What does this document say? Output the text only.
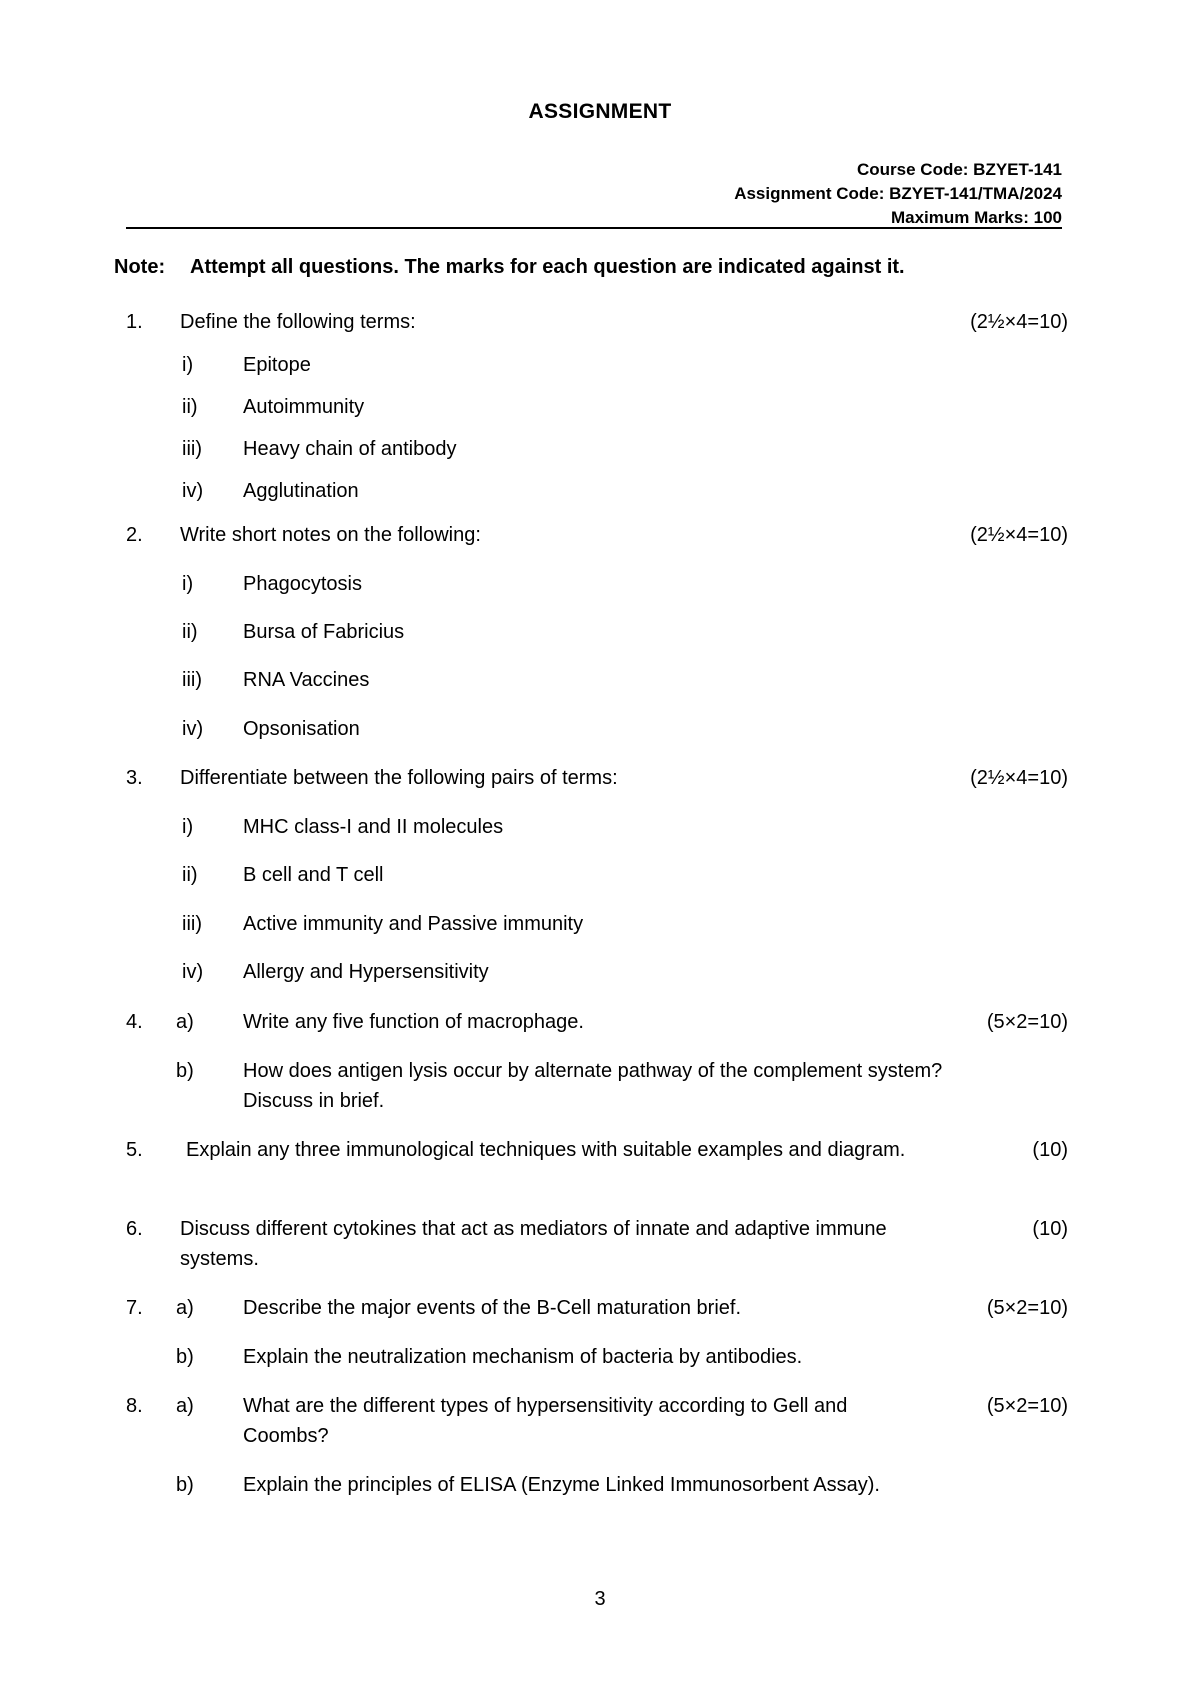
ASSIGNMENT
Course Code: BZYET-141
Assignment Code: BZYET-141/TMA/2024
Maximum Marks: 100
Note: Attempt all questions. The marks for each question are indicated against it.
1. Define the following terms:	(2½×4=10)
i) Epitope
ii) Autoimmunity
iii) Heavy chain of antibody
iv) Agglutination
2. Write short notes on the following:	(2½×4=10)
i) Phagocytosis
ii) Bursa of Fabricius
iii) RNA Vaccines
iv) Opsonisation
3. Differentiate between the following pairs of terms:	(2½×4=10)
i) MHC class-I and II molecules
ii) B cell and T cell
iii) Active immunity and Passive immunity
iv) Allergy and Hypersensitivity
4. a) Write any five function of macrophage.	(5×2=10)
b) How does antigen lysis occur by alternate pathway of the complement system? Discuss in brief.
5. Explain any three immunological techniques with suitable examples and diagram.	(10)
6. Discuss different cytokines that act as mediators of innate and adaptive immune systems.
(10)
7. a) Describe the major events of the B-Cell maturation brief.	(5×2=10)
b) Explain the neutralization mechanism of bacteria by antibodies.
8. a) What are the different types of hypersensitivity according to Gell and Coombs?
(5×2=10)
b) Explain the principles of ELISA (Enzyme Linked Immunosorbent Assay).
3
